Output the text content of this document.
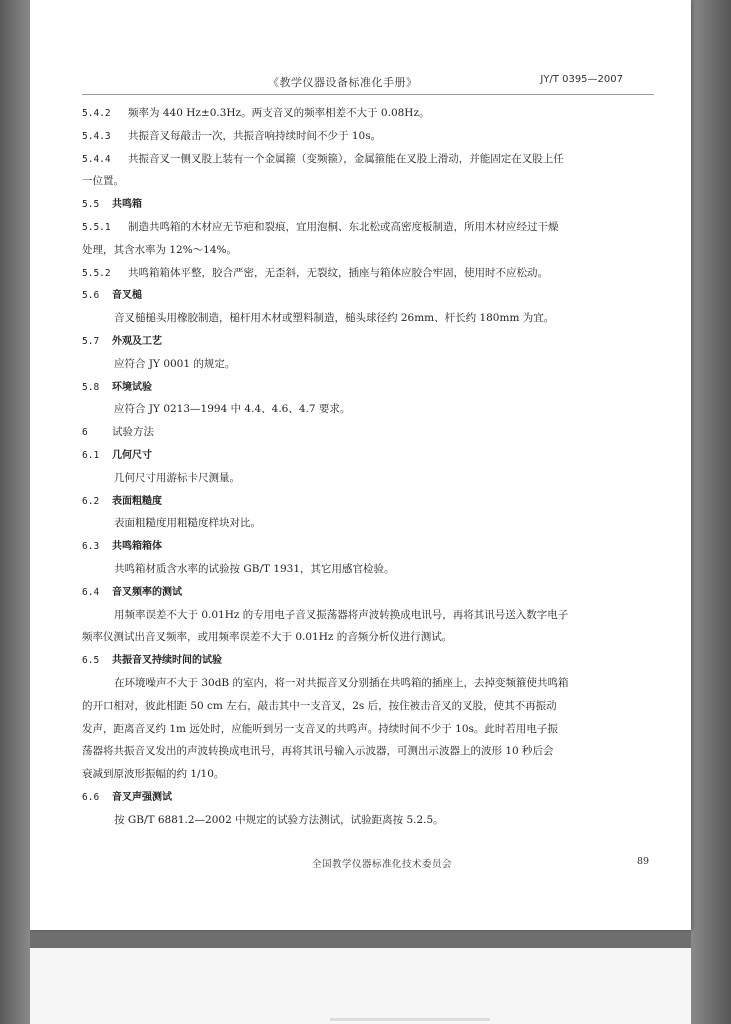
《教学仪器设备标准化手册》	JY/T 0395—2007
5.4.2 频率为 440 Hz±0.3Hz。两支音叉的频率相差不大于 0.08Hz。
5.4.3 共振音叉每敲击一次，共振音响持续时间不少于 10s。
5.4.4 共振音叉一侧叉股上装有一个金属箍（变频箍），金属箍能在叉股上滑动，并能固定在叉股上任
一位置。
5.5 共鸣箱
5.5.1 制造共鸣箱的木材应无节疤和裂痕，宜用泡桐、东北松或高密度板制造，所用木材应经过干燥
处理，其含水率为 12%～14%。
5.5.2 共鸣箱箱体平整，胶合严密，无歪斜，无裂纹，插座与箱体应胶合牢固，使用时不应松动。
5.6 音叉槌
音叉槌槌头用橡胶制造，槌杆用木材或塑料制造，槌头球径约 26mm、杆长约 180mm 为宜。
5.7 外观及工艺
应符合 JY 0001 的规定。
5.8 环境试验
应符合 JY 0213—1994 中 4.4、4.6、4.7 要求。
6 试验方法
6.1 几何尺寸
几何尺寸用游标卡尺测量。
6.2 表面粗糙度
表面粗糙度用粗糙度样块对比。
6.3 共鸣箱箱体
共鸣箱材质含水率的试验按 GB/T 1931，其它用感官检验。
6.4 音叉频率的测试
用频率误差不大于 0.01Hz 的专用电子音叉振荡器将声波转换成电讯号，再将其讯号送入数字电子
频率仪测试出音叉频率，或用频率误差不大于 0.01Hz 的音频分析仪进行测试。
6.5 共振音叉持续时间的试验
在环境噪声不大于 30dB 的室内，将一对共振音叉分别插在共鸣箱的插座上，去掉变频箍使共鸣箱
的开口相对，彼此相距 50 cm 左右，敲击其中一支音叉，2s 后，按住被击音叉的叉股，使其不再振动
发声，距离音叉约 1m 远处时，应能听到另一支音叉的共鸣声。持续时间不少于 10s。此时若用电子振
荡器将共振音叉发出的声波转换成电讯号，再将其讯号输入示波器，可测出示波器上的波形 10 秒后会
衰减到原波形振幅的约 1/10。
6.6 音叉声强测试
按 GB/T 6881.2—2002 中规定的试验方法测试，试验距离按 5.2.5。
全国教学仪器标准化技术委员会	89
